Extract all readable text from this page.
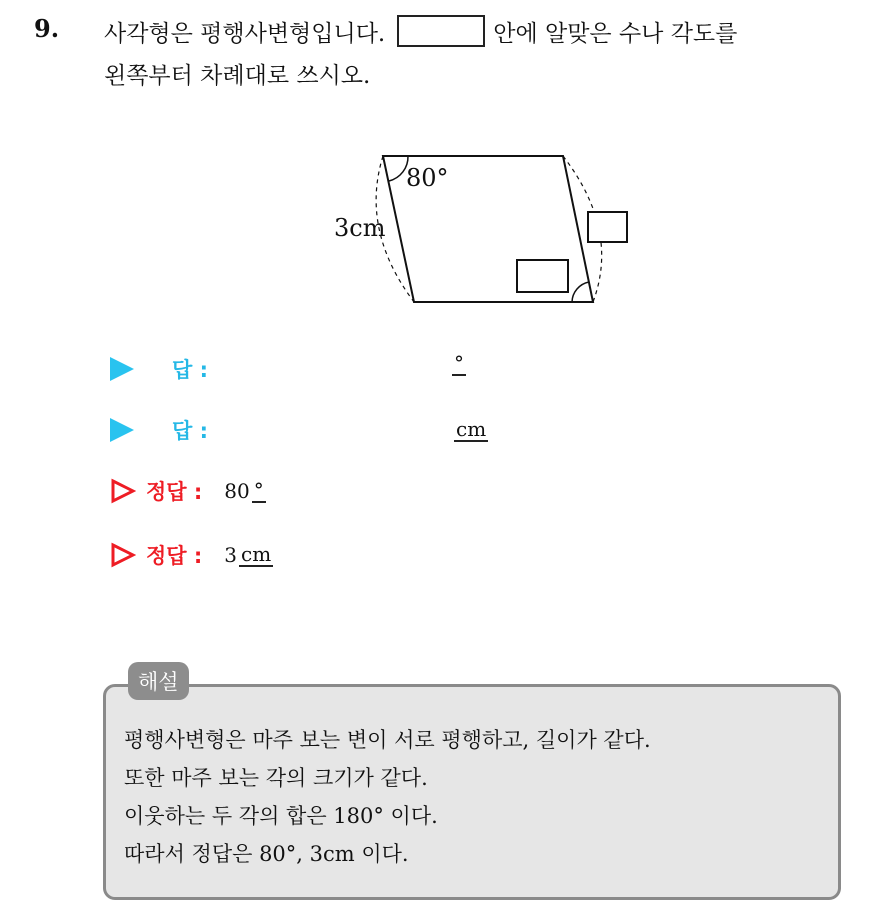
9. 사각형은 평행사변형입니다.	안에 알맞은 수나 각도를
왼쪽부터 차례대로 쓰시오.
80°
3cm
답 :	°
답 :	cm
정답 : 80 °
정답 : 3 cm
해설
평행사변형은 마주 보는 변이 서로 평행하고, 길이가 같다.
또한 마주 보는 각의 크기가 같다.
이웃하는 두 각의 합은 180° 이다.
따라서 정답은 80°, 3cm 이다.
